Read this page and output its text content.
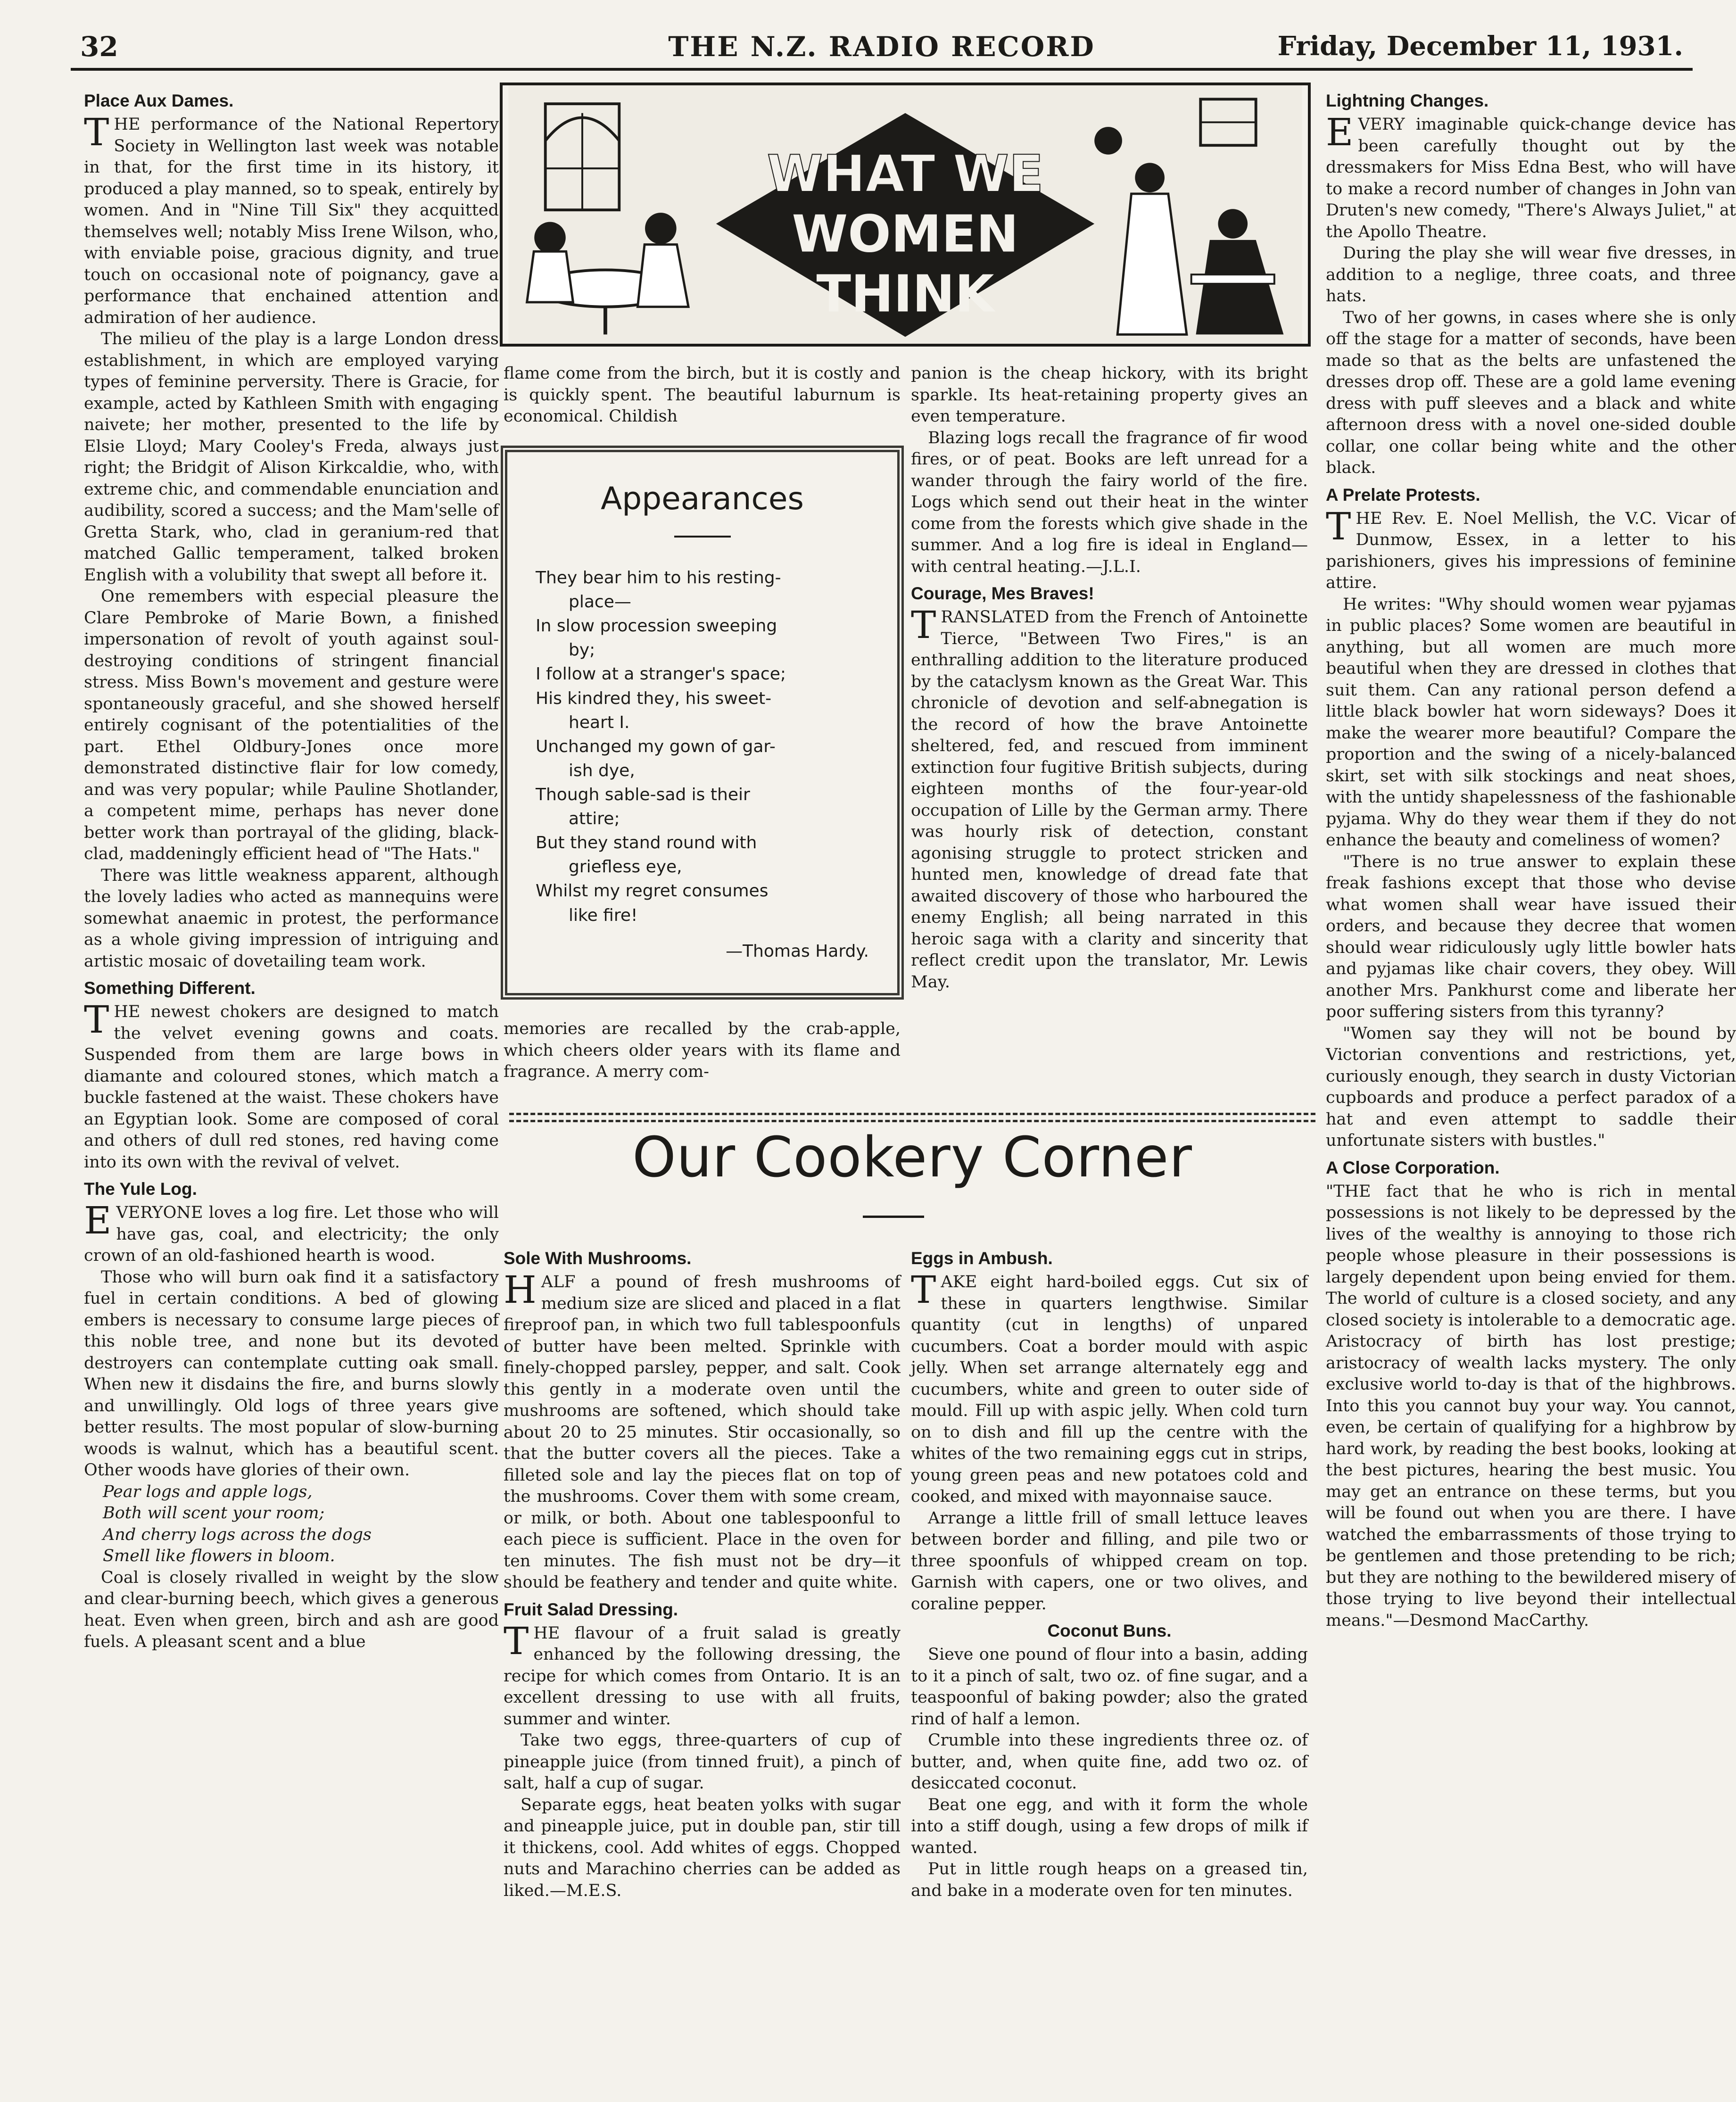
32	THE N.Z. RADIO RECORD	Friday, December 11, 1931.
Place Aux Dames.

THE performance of the National Repertory Society in Wellington last week was notable in that, for the first time in its history, it produced a play manned, so to speak, entirely by women. And in "Nine Till Six" they acquitted themselves well; notably Miss Irene Wilson, who, with enviable poise, gracious dignity, and true touch on occasional note of poignancy, gave a performance that enchained attention and admiration of her audience.

The milieu of the play is a large London dress establishment, in which are employed varying types of feminine perversity. There is Gracie, for example, acted by Kathleen Smith with engaging naivete; her mother, presented to the life by Elsie Lloyd; Mary Cooley's Freda, always just right; the Bridgit of Alison Kirkcaldie, who, with extreme chic, and commendable enunciation and audibility, scored a success; and the Mam'selle of Gretta Stark, who, clad in geranium-red that matched Gallic temperament, talked broken English with a volubility that swept all before it.

One remembers with especial pleasure the Clare Pembroke of Marie Bown, a finished impersonation of revolt of youth against soul-destroying conditions of stringent financial stress. Miss Bown's movement and gesture were spontaneously graceful, and she showed herself entirely cognisant of the potentialities of the part. Ethel Oldbury-Jones once more demonstrated distinctive flair for low comedy, and was very popular; while Pauline Shotlander, a competent mime, perhaps has never done better work than portrayal of the gliding, black-clad, maddeningly efficient head of "The Hats."

There was little weakness apparent, although the lovely ladies who acted as mannequins were somewhat anaemic in protest, the performance as a whole giving impression of intriguing and artistic mosaic of dovetailing team work.

Something Different.

THE newest chokers are designed to match the velvet evening gowns and coats. Suspended from them are large bows in diamante and coloured stones, which match a buckle fastened at the waist. These chokers have an Egyptian look. Some are composed of coral and others of dull red stones, red having come into its own with the revival of velvet.

The Yule Log.

EVERYONE loves a log fire. Let those who will have gas, coal, and electricity; the only crown of an old-fashioned hearth is wood.

Those who will burn oak find it a satisfactory fuel in certain conditions. A bed of glowing embers is necessary to consume large pieces of this noble tree, and none but its devoted destroyers can contemplate cutting oak small. When new it disdains the fire, and burns slowly and unwillingly. Old logs of three years give better results. The most popular of slow-burning woods is walnut, which has a beautiful scent. Other woods have glories of their own.

Pear logs and apple logs,
Both will scent your room;
And cherry logs across the dogs
Smell like flowers in bloom.

Coal is closely rivalled in weight by the slow and clear-burning beech, which gives a generous heat. Even when green, birch and ash are good fuels. A pleasant scent and a blue

WHAT WE
WOMEN
THINK

flame come from the birch, but it is costly and is quickly spent. The beautiful laburnum is economical. Childish

Appearances
They bear him to his resting-
place—
In slow procession sweeping
by;
I follow at a stranger's space;
His kindred they, his sweet-
heart I.
Unchanged my gown of gar-
ish dye,
Though sable-sad is their
attire;
But they stand round with
griefless eye,
Whilst my regret consumes
like fire!
—Thomas Hardy.

memories are recalled by the crab-apple, which cheers older years with its flame and fragrance. A merry com-

panion is the cheap hickory, with its bright sparkle. Its heat-retaining property gives an even temperature.

Blazing logs recall the fragrance of fir wood fires, or of peat. Books are left unread for a wander through the fairy world of the fire. Logs which send out their heat in the winter come from the forests which give shade in the summer. And a log fire is ideal in England—with central heating.—J.L.I.

Courage, Mes Braves!

TRANSLATED from the French of Antoinette Tierce, "Between Two Fires," is an enthralling addition to the literature produced by the cataclysm known as the Great War. This chronicle of devotion and self-abnegation is the record of how the brave Antoinette sheltered, fed, and rescued from imminent extinction four fugitive British subjects, during eighteen months of the four-year-old occupation of Lille by the German army. There was hourly risk of detection, constant agonising struggle to protect stricken and hunted men, knowledge of dread fate that awaited discovery of those who harboured the enemy English; all being narrated in this heroic saga with a clarity and sincerity that reflect credit upon the translator, Mr. Lewis May.

Our Cookery Corner
Sole With Mushrooms.

HALF a pound of fresh mushrooms of medium size are sliced and placed in a flat fireproof pan, in which two full tablespoonfuls of butter have been melted. Sprinkle with finely-chopped parsley, pepper, and salt. Cook this gently in a moderate oven until the mushrooms are softened, which should take about 20 to 25 minutes. Stir occasionally, so that the butter covers all the pieces. Take a filleted sole and lay the pieces flat on top of the mushrooms. Cover them with some cream, or milk, or both. About one tablespoonful to each piece is sufficient. Place in the oven for ten minutes. The fish must not be dry—it should be feathery and tender and quite white.

Fruit Salad Dressing.

THE flavour of a fruit salad is greatly enhanced by the following dressing, the recipe for which comes from Ontario. It is an excellent dressing to use with all fruits, summer and winter.

Take two eggs, three-quarters of cup of pineapple juice (from tinned fruit), a pinch of salt, half a cup of sugar.

Separate eggs, heat beaten yolks with sugar and pineapple juice, put in double pan, stir till it thickens, cool. Add whites of eggs. Chopped nuts and Marachino cherries can be added as liked.—M.E.S.

Eggs in Ambush.

TAKE eight hard-boiled eggs. Cut six of these in quarters lengthwise. Similar quantity (cut in lengths) of unpared cucumbers. Coat a border mould with aspic jelly. When set arrange alternately egg and cucumbers, white and green to outer side of mould. Fill up with aspic jelly. When cold turn on to dish and fill up the centre with the whites of the two remaining eggs cut in strips, young green peas and new potatoes cold and cooked, and mixed with mayonnaise sauce.

Arrange a little frill of small lettuce leaves between border and filling, and pile two or three spoonfuls of whipped cream on top. Garnish with capers, one or two olives, and coraline pepper.

Coconut Buns.

Sieve one pound of flour into a basin, adding to it a pinch of salt, two oz. of fine sugar, and a teaspoonful of baking powder; also the grated rind of half a lemon.

Crumble into these ingredients three oz. of butter, and, when quite fine, add two oz. of desiccated coconut.

Beat one egg, and with it form the whole into a stiff dough, using a few drops of milk if wanted.

Put in little rough heaps on a greased tin, and bake in a moderate oven for ten minutes.

Lightning Changes.

EVERY imaginable quick-change device has been carefully thought out by the dressmakers for Miss Edna Best, who will have to make a record number of changes in John van Druten's new comedy, "There's Always Juliet," at the Apollo Theatre.

During the play she will wear five dresses, in addition to a neglige, three coats, and three hats.

Two of her gowns, in cases where she is only off the stage for a matter of seconds, have been made so that as the belts are unfastened the dresses drop off. These are a gold lame evening dress with puff sleeves and a black and white afternoon dress with a novel one-sided double collar, one collar being white and the other black.

A Prelate Protests.

THE Rev. E. Noel Mellish, the V.C. Vicar of Dunmow, Essex, in a letter to his parishioners, gives his impressions of feminine attire.

He writes: "Why should women wear pyjamas in public places? Some women are beautiful in anything, but all women are much more beautiful when they are dressed in clothes that suit them. Can any rational person defend a little black bowler hat worn sideways? Does it make the wearer more beautiful? Compare the proportion and the swing of a nicely-balanced skirt, set with silk stockings and neat shoes, with the untidy shapelessness of the fashionable pyjama. Why do they wear them if they do not enhance the beauty and comeliness of women?

"There is no true answer to explain these freak fashions except that those who devise what women shall wear have issued their orders, and because they decree that women should wear ridiculously ugly little bowler hats and pyjamas like chair covers, they obey. Will another Mrs. Pankhurst come and liberate her poor suffering sisters from this tyranny?

"Women say they will not be bound by Victorian conventions and restrictions, yet, curiously enough, they search in dusty Victorian cupboards and produce a perfect paradox of a hat and even attempt to saddle their unfortunate sisters with bustles."

A Close Corporation.

"THE fact that he who is rich in mental possessions is not likely to be depressed by the lives of the wealthy is annoying to those rich people whose pleasure in their possessions is largely dependent upon being envied for them. The world of culture is a closed society, and any closed society is intolerable to a democratic age. Aristocracy of birth has lost prestige; aristocracy of wealth lacks mystery. The only exclusive world to-day is that of the highbrows. Into this you cannot buy your way. You cannot, even, be certain of qualifying for a highbrow by hard work, by reading the best books, looking at the best pictures, hearing the best music. You may get an entrance on these terms, but you will be found out when you are there. I have watched the embarrassments of those trying to be gentlemen and those pretending to be rich; but they are nothing to the bewildered misery of those trying to live beyond their intellectual means."—Desmond MacCarthy.
